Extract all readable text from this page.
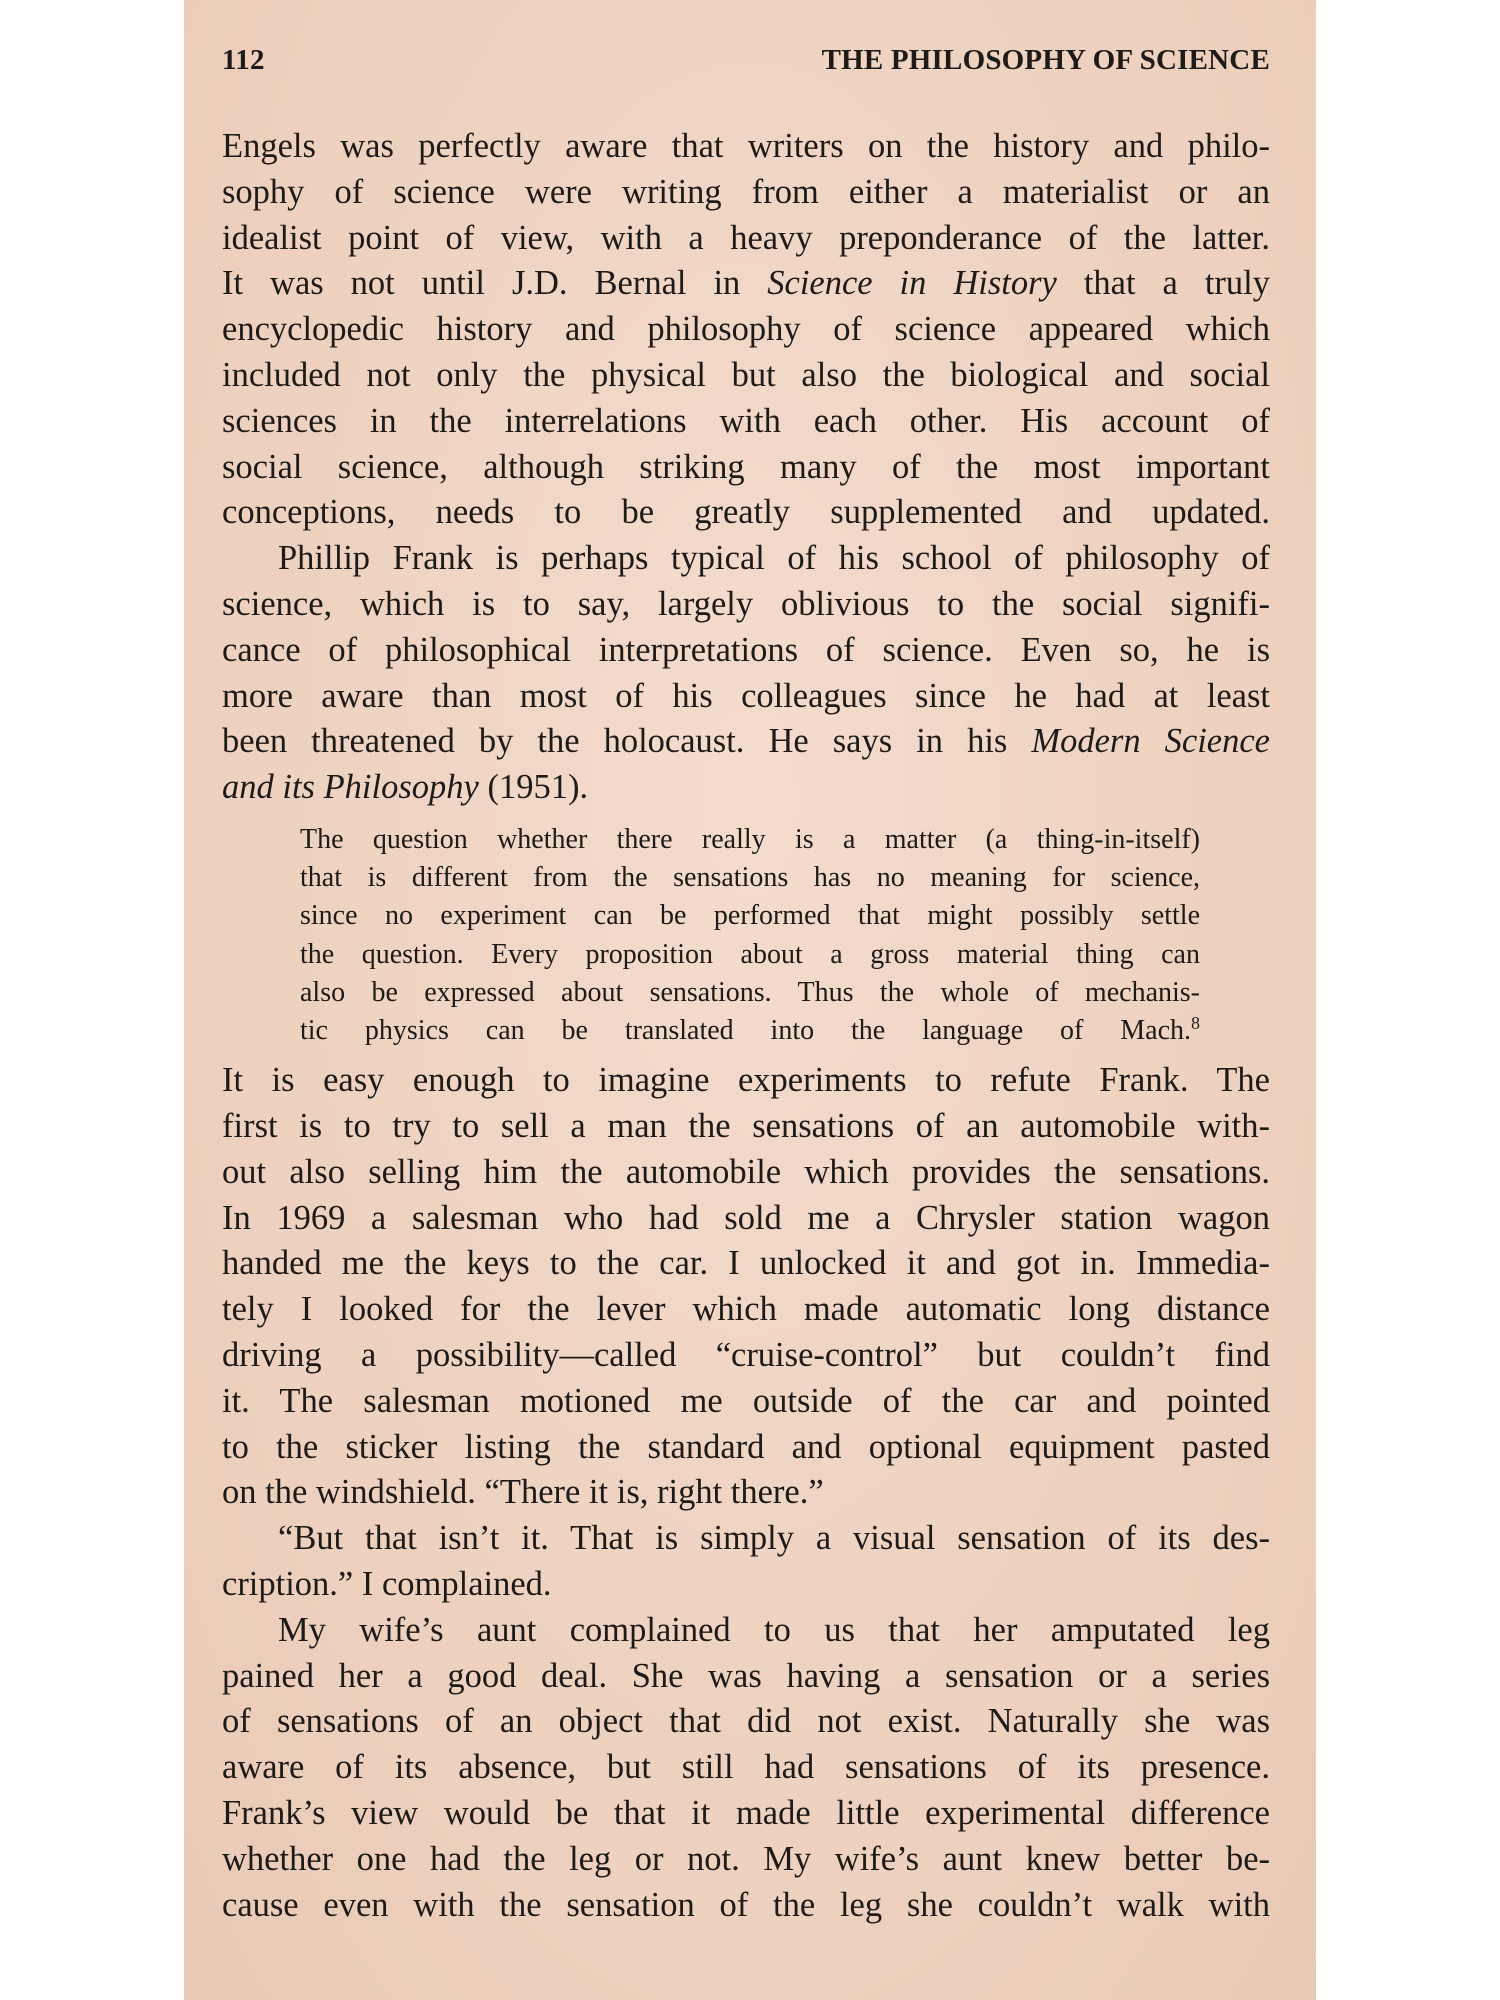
112	THE PHILOSOPHY OF SCIENCE
Engels was perfectly aware that writers on the history and philo-
sophy of science were writing from either a materialist or an
idealist point of view, with a heavy preponderance of the latter.
It was not until J.D. Bernal in Science in History that a truly
encyclopedic history and philosophy of science appeared which
included not only the physical but also the biological and social
sciences in the interrelations with each other. His account of
social science, although striking many of the most important
conceptions, needs to be greatly supplemented and updated.
Phillip Frank is perhaps typical of his school of philosophy of
science, which is to say, largely oblivious to the social signifi-
cance of philosophical interpretations of science. Even so, he is
more aware than most of his colleagues since he had at least
been threatened by the holocaust. He says in his Modern Science
and its Philosophy (1951).
The question whether there really is a matter (a thing-in-itself)
that is different from the sensations has no meaning for science,
since no experiment can be performed that might possibly settle
the question. Every proposition about a gross material thing can
also be expressed about sensations. Thus the whole of mechanis-
tic physics can be translated into the language of Mach.$^8$
It is easy enough to imagine experiments to refute Frank. The
first is to try to sell a man the sensations of an automobile with-
out also selling him the automobile which provides the sensations.
In 1969 a salesman who had sold me a Chrysler station wagon
handed me the keys to the car. I unlocked it and got in. Immedia-
tely I looked for the lever which made automatic long distance
driving a possibility—called “cruise-control” but couldn’t find
it. The salesman motioned me outside of the car and pointed
to the sticker listing the standard and optional equipment pasted
on the windshield. “There it is, right there.”
“But that isn’t it. That is simply a visual sensation of its des-
cription.” I complained.
My wife’s aunt complained to us that her amputated leg
pained her a good deal. She was having a sensation or a series
of sensations of an object that did not exist. Naturally she was
aware of its absence, but still had sensations of its presence.
Frank’s view would be that it made little experimental difference
whether one had the leg or not. My wife’s aunt knew better be-
cause even with the sensation of the leg she couldn’t walk with
